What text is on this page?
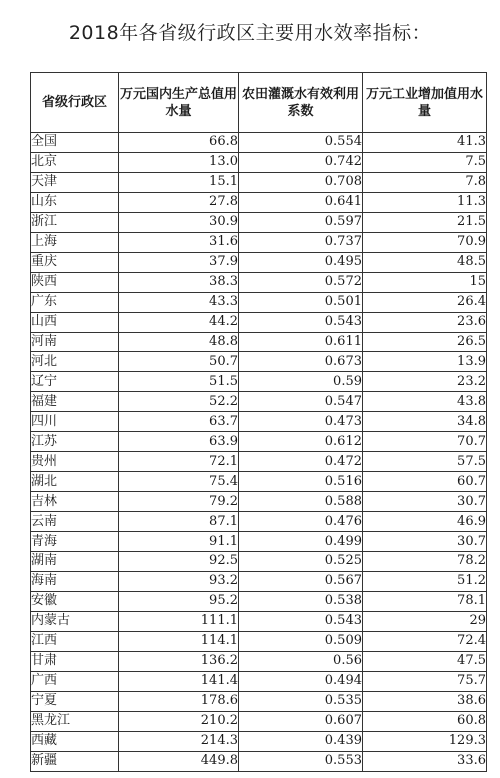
2018年各省级行政区主要用水效率指标：
省级行政区	万元国内生产总值用水量	农田灌溉水有效利用系数	万元工业增加值用水量
全国	66.8	0.554	41.3
北京	13.0	0.742	7.5
天津	15.1	0.708	7.8
山东	27.8	0.641	11.3
浙江	30.9	0.597	21.5
上海	31.6	0.737	70.9
重庆	37.9	0.495	48.5
陕西	38.3	0.572	15
广东	43.3	0.501	26.4
山西	44.2	0.543	23.6
河南	48.8	0.611	26.5
河北	50.7	0.673	13.9
辽宁	51.5	0.59	23.2
福建	52.2	0.547	43.8
四川	63.7	0.473	34.8
江苏	63.9	0.612	70.7
贵州	72.1	0.472	57.5
湖北	75.4	0.516	60.7
吉林	79.2	0.588	30.7
云南	87.1	0.476	46.9
青海	91.1	0.499	30.7
湖南	92.5	0.525	78.2
海南	93.2	0.567	51.2
安徽	95.2	0.538	78.1
内蒙古	111.1	0.543	29
江西	114.1	0.509	72.4
甘肃	136.2	0.56	47.5
广西	141.4	0.494	75.7
宁夏	178.6	0.535	38.6
黑龙江	210.2	0.607	60.8
西藏	214.3	0.439	129.3
新疆	449.8	0.553	33.6
